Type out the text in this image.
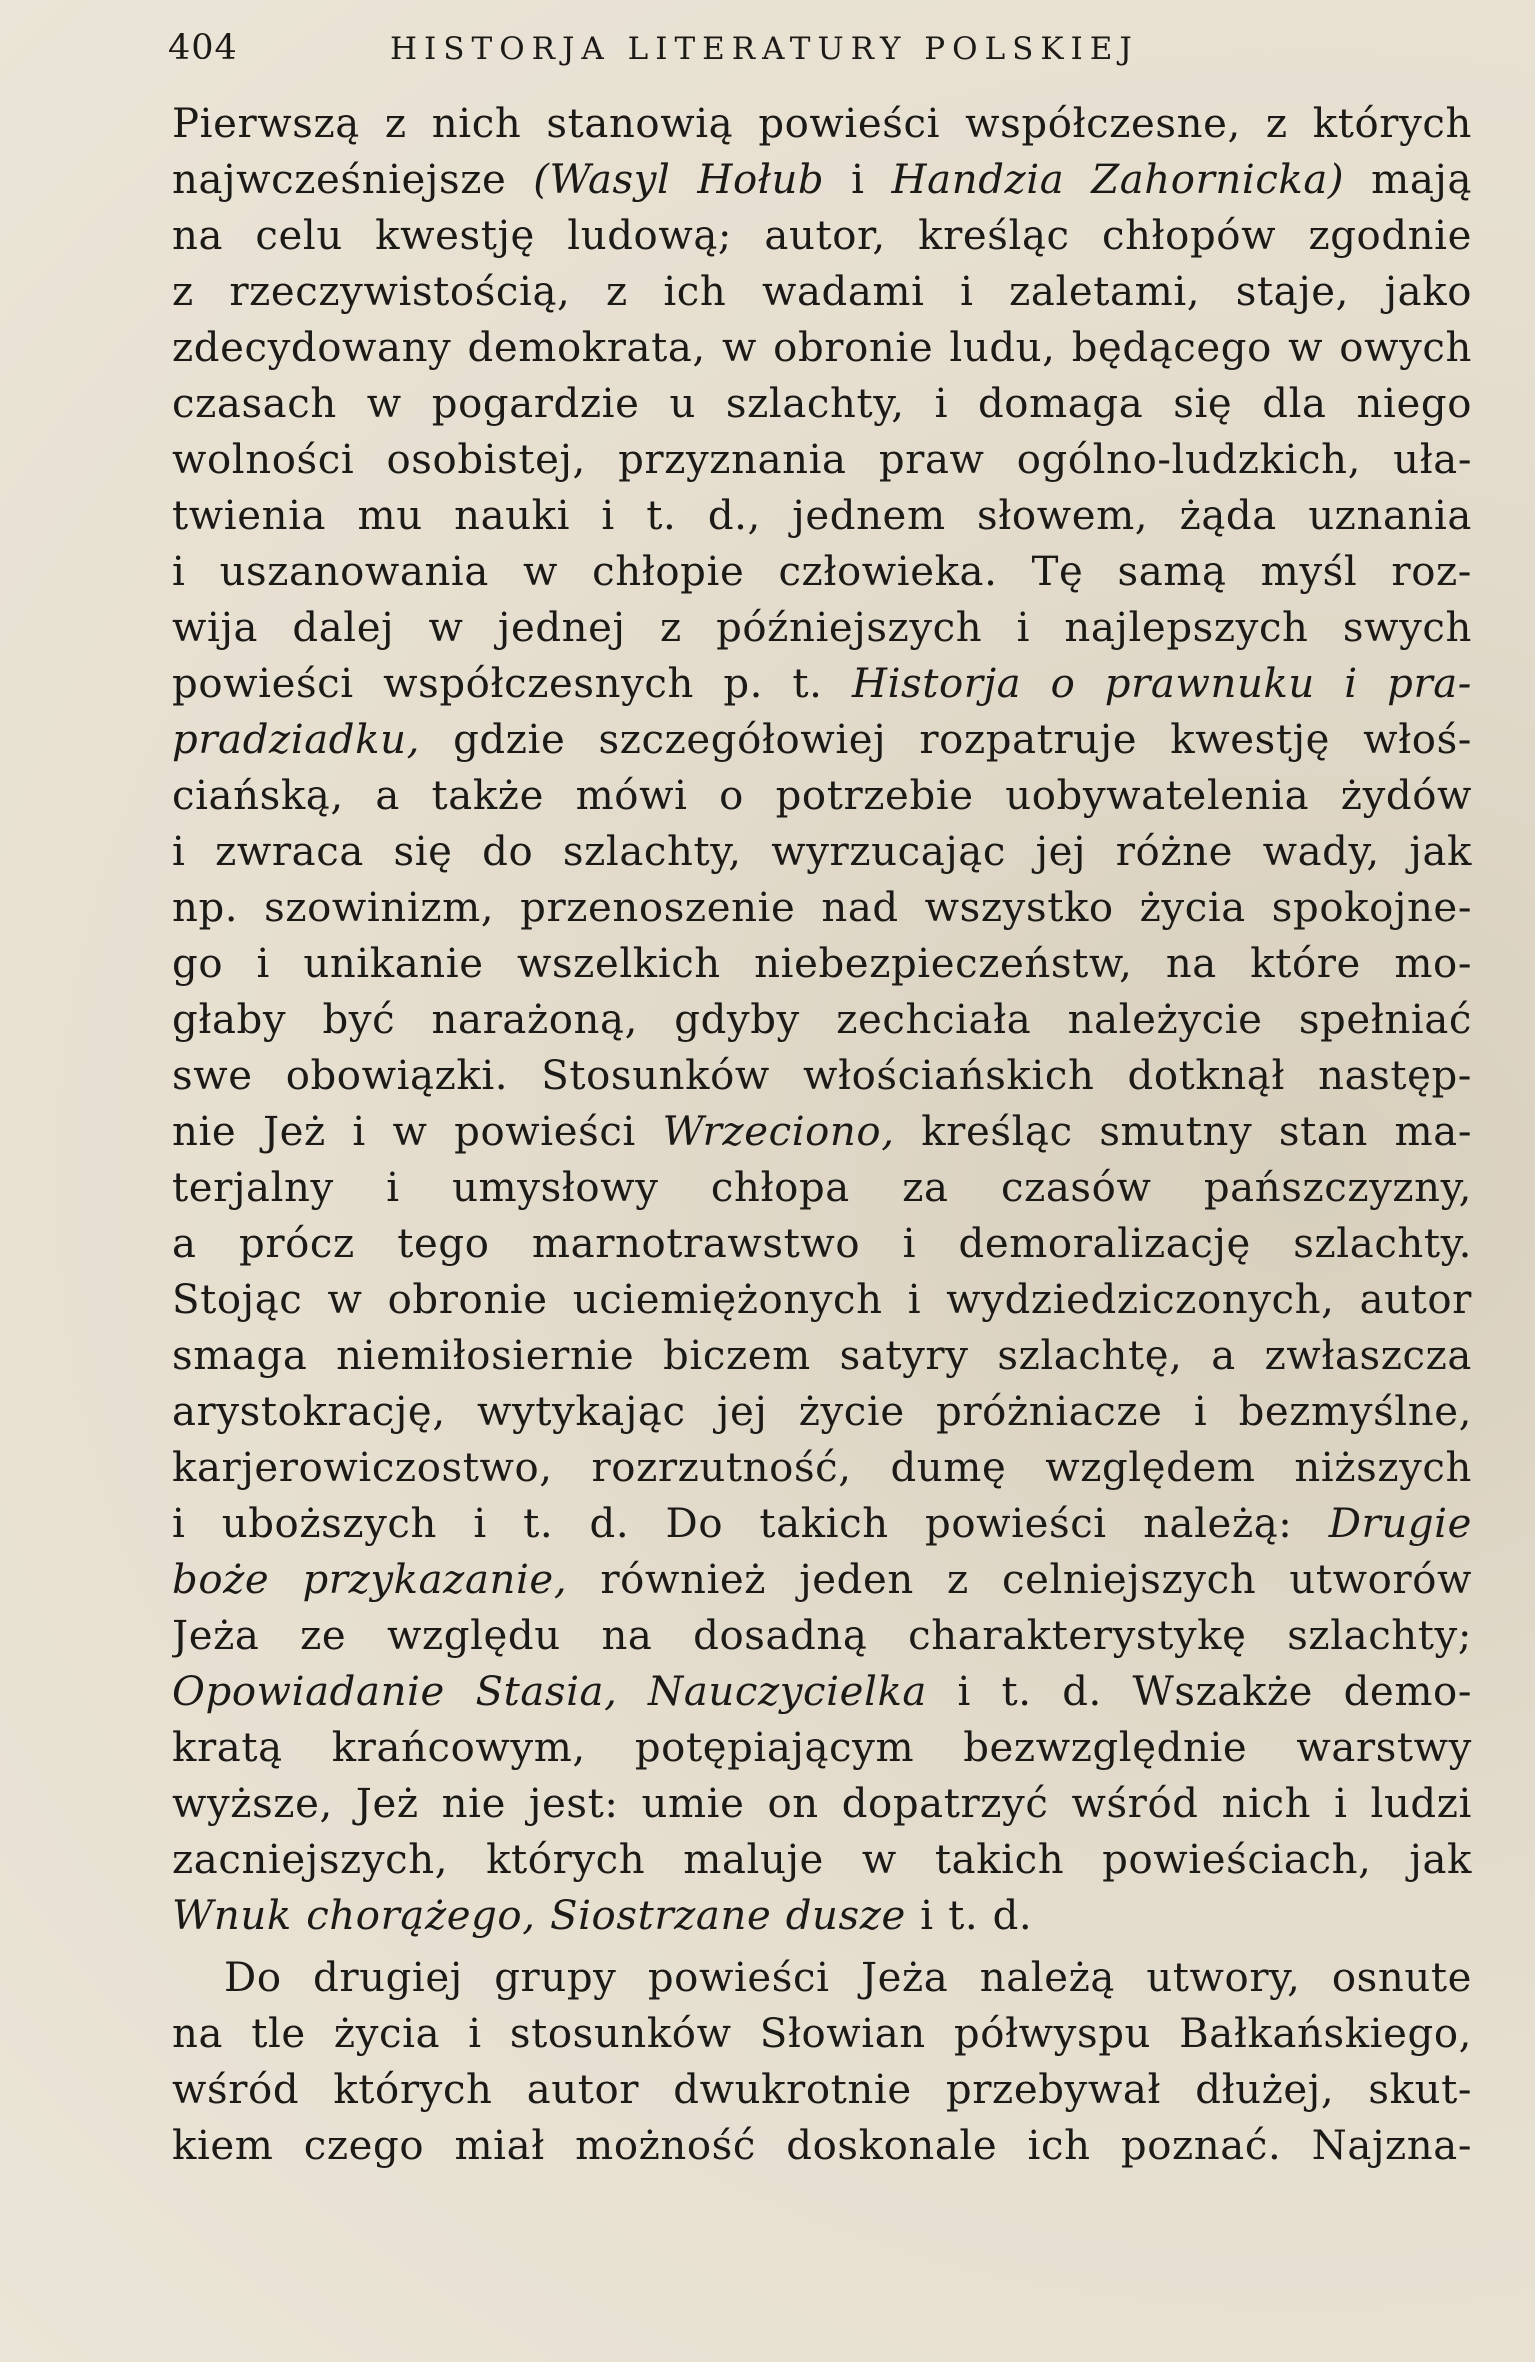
404	HISTORJA LITERATURY POLSKIEJ
Pierwszą z nich stanowią powieści współczesne, z których
najwcześniejsze (Wasyl Hołub i Handzia Zahornicka) mają
na celu kwestję ludową; autor, kreśląc chłopów zgodnie
z rzeczywistością, z ich wadami i zaletami, staje, jako
zdecydowany demokrata, w obronie ludu, będącego w owych
czasach w pogardzie u szlachty, i domaga się dla niego
wolności osobistej, przyznania praw ogólno-ludzkich, uła-
twienia mu nauki i t. d., jednem słowem, żąda uznania
i uszanowania w chłopie człowieka. Tę samą myśl roz-
wija dalej w jednej z późniejszych i najlepszych swych
powieści współczesnych p. t. Historja o prawnuku i pra-
pradziadku, gdzie szczegółowiej rozpatruje kwestję włoś-
ciańską, a także mówi o potrzebie uobywatelenia żydów
i zwraca się do szlachty, wyrzucając jej różne wady, jak
np. szowinizm, przenoszenie nad wszystko życia spokojne-
go i unikanie wszelkich niebezpieczeństw, na które mo-
głaby być narażoną, gdyby zechciała należycie spełniać
swe obowiązki. Stosunków włościańskich dotknął następ-
nie Jeż i w powieści Wrzeciono, kreśląc smutny stan ma-
terjalny i umysłowy chłopa za czasów pańszczyzny,
a prócz tego marnotrawstwo i demoralizację szlachty.
Stojąc w obronie uciemiężonych i wydziedziczonych, autor
smaga niemiłosiernie biczem satyry szlachtę, a zwłaszcza
arystokrację, wytykając jej życie próżniacze i bezmyślne,
karjerowiczostwo, rozrzutność, dumę względem niższych
i uboższych i t. d. Do takich powieści należą: Drugie
boże przykazanie, również jeden z celniejszych utworów
Jeża ze względu na dosadną charakterystykę szlachty;
Opowiadanie Stasia, Nauczycielka i t. d. Wszakże demo-
kratą krańcowym, potępiającym bezwzględnie warstwy
wyższe, Jeż nie jest: umie on dopatrzyć wśród nich i ludzi
zacniejszych, których maluje w takich powieściach, jak
Wnuk chorążego, Siostrzane dusze i t. d.
Do drugiej grupy powieści Jeża należą utwory, osnute
na tle życia i stosunków Słowian półwyspu Bałkańskiego,
wśród których autor dwukrotnie przebywał dłużej, skut-
kiem czego miał możność doskonale ich poznać. Najzna-
